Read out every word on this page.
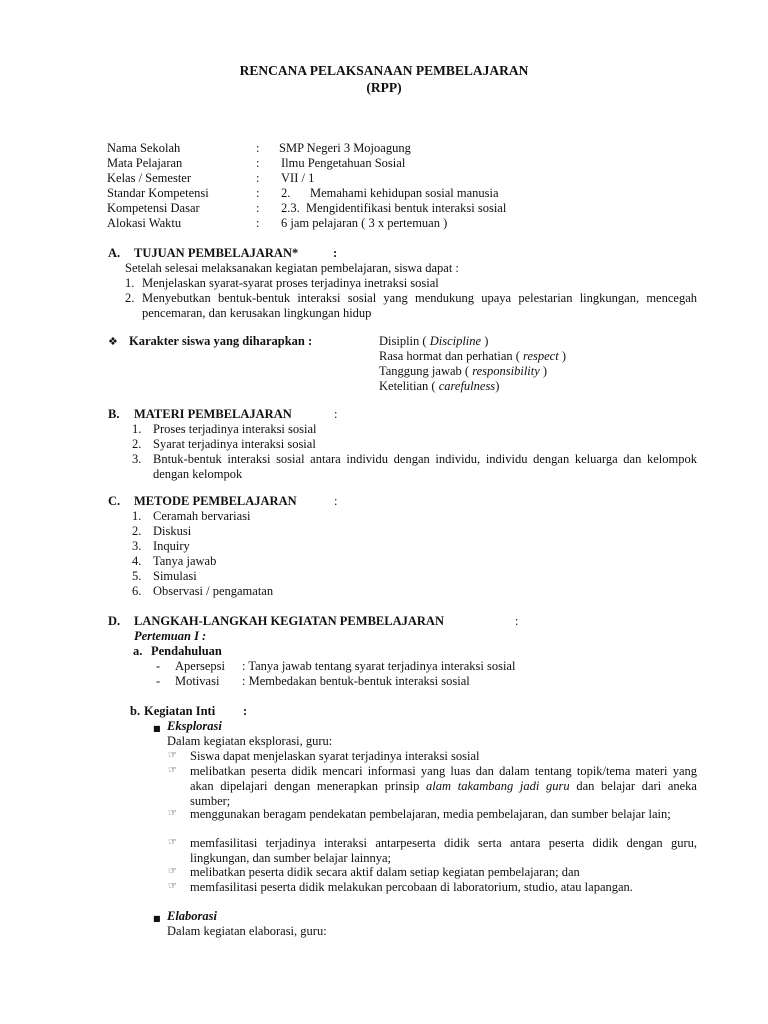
RENCANA PELAKSANAAN PEMBELAJARAN
(RPP)
Nama Sekolah	: SMP Negeri 3 Mojoagung
Mata Pelajaran	: Ilmu Pengetahuan Sosial
Kelas / Semester	: VII / 1
Standar Kompetensi	: 2. Memahami kehidupan sosial manusia
Kompetensi Dasar	: 2.3. Mengidentifikasi bentuk interaksi sosial
Alokasi Waktu	: 6 jam pelajaran ( 3 x pertemuan )
A. TUJUAN PEMBELAJARAN*	:
Setelah selesai melaksanakan kegiatan pembelajaran, siswa dapat :
1. Menjelaskan syarat-syarat proses terjadinya inetraksi sosial
2. Menyebutkan bentuk-bentuk interaksi sosial yang mendukung upaya pelestarian lingkungan, mencegah pencemaran, dan kerusakan lingkungan hidup
❖ Karakter siswa yang diharapkan :	Disiplin ( Discipline )
Rasa hormat dan perhatian ( respect )
Tanggung jawab ( responsibility )
Ketelitian ( carefulness)
B. MATERI PEMBELAJARAN	:
1. Proses terjadinya interaksi sosial
2. Syarat terjadinya interaksi sosial
3. Bntuk-bentuk interaksi sosial antara individu dengan individu, individu dengan keluarga dan kelompok dengan kelompok
C. METODE PEMBELAJARAN	:
1. Ceramah bervariasi
2. Diskusi
3. Inquiry
4. Tanya jawab
5. Simulasi
6. Observasi / pengamatan
D. LANGKAH-LANGKAH KEGIATAN PEMBELAJARAN	:
Pertemuan I :
a. Pendahuluan
- Apersepsi : Tanya jawab tentang syarat terjadinya interaksi sosial
- Motivasi : Membedakan bentuk-bentuk interaksi sosial
b. Kegiatan Inti :
■ Eksplorasi
Dalam kegiatan eksplorasi, guru:
☞ Siswa dapat menjelaskan syarat terjadinya interaksi sosial
☞ melibatkan peserta didik mencari informasi yang luas dan dalam tentang topik/tema materi yang akan dipelajari dengan menerapkan prinsip alam takambang jadi guru dan belajar dari aneka sumber;
☞ menggunakan beragam pendekatan pembelajaran, media pembelajaran, dan sumber belajar lain;
☞ memfasilitasi terjadinya interaksi antarpeserta didik serta antara peserta didik dengan guru, lingkungan, dan sumber belajar lainnya;
☞ melibatkan peserta didik secara aktif dalam setiap kegiatan pembelajaran; dan
☞ memfasilitasi peserta didik melakukan percobaan di laboratorium, studio, atau lapangan.
■ Elaborasi
Dalam kegiatan elaborasi, guru:
